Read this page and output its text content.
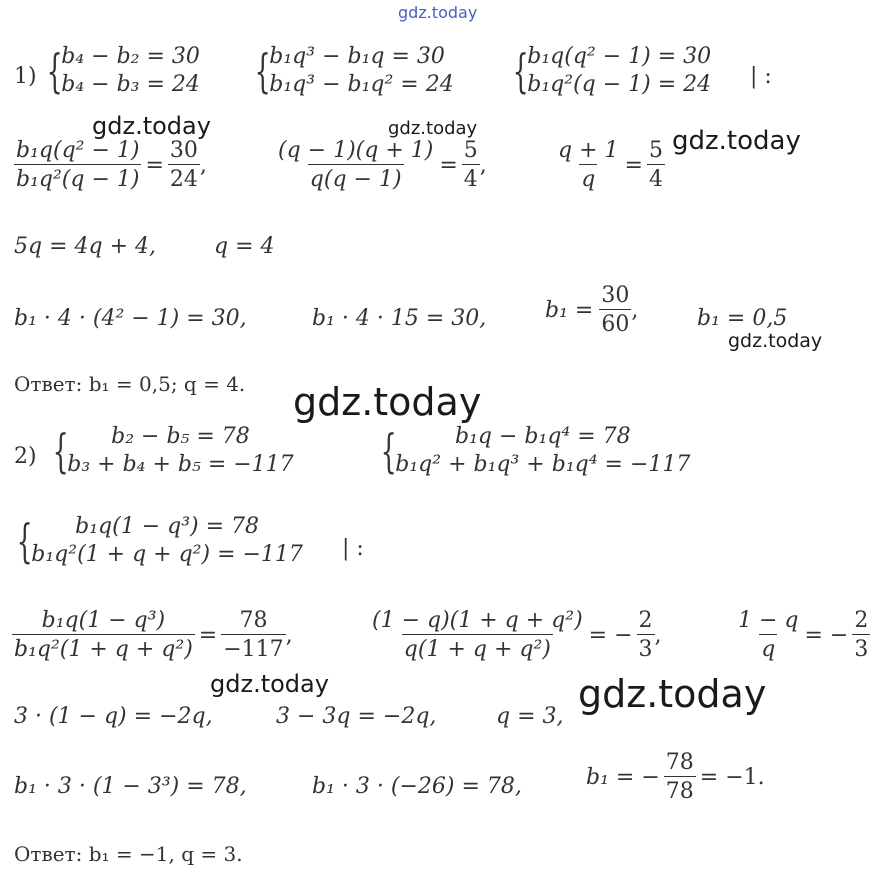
gdz.today
gdz.today	gdz.today	gdz.today
gdz.today
gdz.today
gdz.today	gdz.today
1) {
b₄ − b₂ = 30
b₄ − b₃ = 24 {
b₁q³ − b₁q = 30
b₁q³ − b₁q² = 24 {
b₁q(q² − 1) = 30
b₁q²(q − 1) = 24 | :
$\frac{\text{b₁q(q² − 1)}}{\text{b₁q²(q − 1)}} = \frac{30}{24}$ ,	$\frac{(q - 1)(q + 1)}{q(q - 1)} = \frac{5}{4}$ ,	$\frac{q + 1}{q} = \frac{5}{4}$
5q = 4q + 4,	q = 4
b₁ · 4 · (4² − 1) = 30,	b₁ · 4 · 15 = 30,	$b_1 = \frac{30}{60}$ ,	b₁ = 0,5
Ответ: b₁ = 0,5; q = 4.
2) { b₂ − b₅ = 78
b₃ + b₄ + b₅ = −117 {	b₁q − b₁q⁴ = 78
b₁q² + b₁q³ + b₁q⁴ = −117
{ b₁q(1 − q³) = 78
b₁q²(1 + q + q²) = −117 | :
$\frac{\text{b₁q(1 − q³)}}{\text{b₁q²(1 + q + q²)}} = \frac{78}{-117}$ ,	$\frac{\text{(1 − q)(1 + q + q²)}}{\text{q(1 + q + q²)}}$ = − $\frac{2}{3}$ ,	$\frac{1 - q}{q}$ = − $\frac{2}{3}$
3 · (1 − q) = −2q,	3 − 3q = −2q,	q = 3,
b₁ · 3 · (1 − 3³) = 78,	b₁ · 3 · (−26) = 78,	b₁ = − $\frac{78}{78} = -1$.
Ответ: b₁ = −1, q = 3.
